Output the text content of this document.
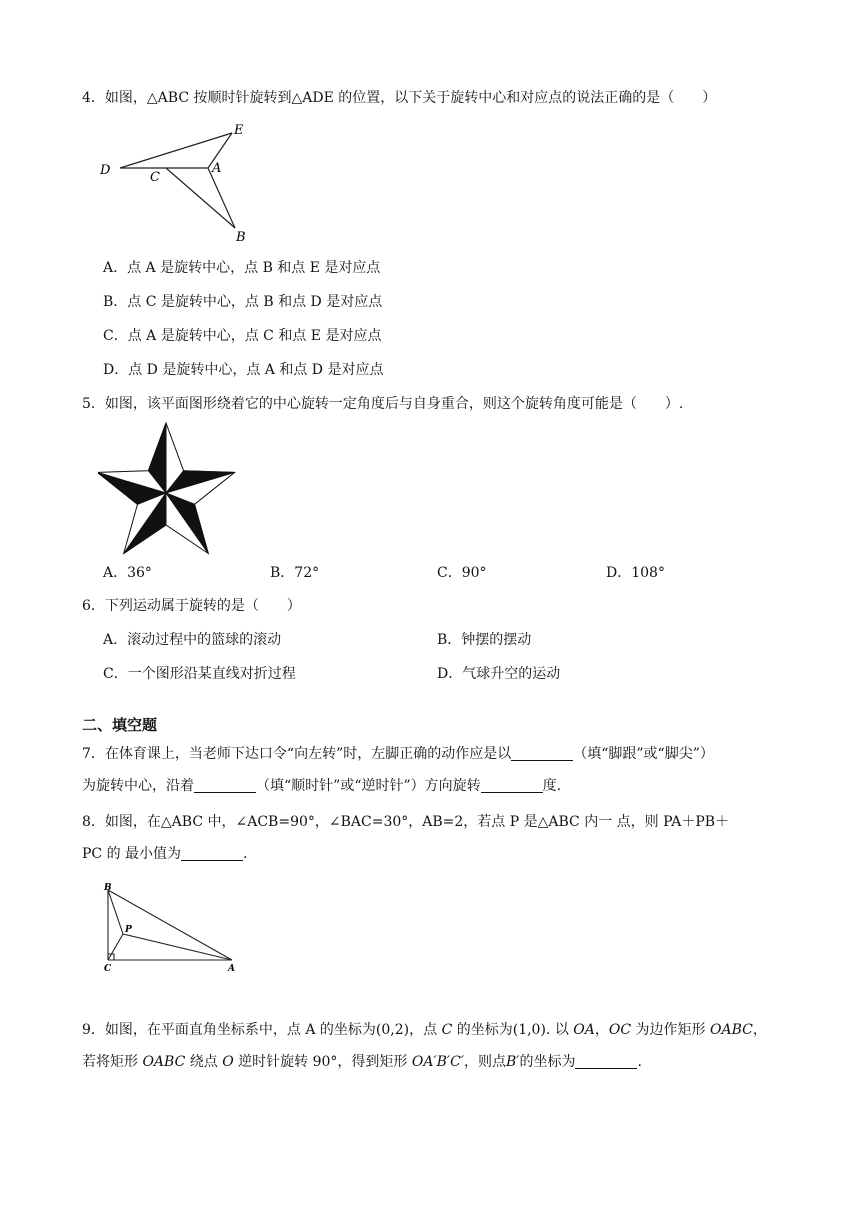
4．如图，△ABC 按顺时针旋转到△ADE 的位置，以下关于旋转中心和对应点的说法正确的是（　　）
D	C
A
E
B
A．点 A 是旋转中心，点 B 和点 E 是对应点
B．点 C 是旋转中心，点 B 和点 D 是对应点
C．点 A 是旋转中心，点 C 和点 E 是对应点
D．点 D 是旋转中心，点 A 和点 D 是对应点
5．如图，该平面图形绕着它的中心旋转一定角度后与自身重合，则这个旋转角度可能是（　　）.
A．36°	B．72°	C．90°	D．108°
6．下列运动属于旋转的是（　　）
A．滚动过程中的篮球的滚动	B．钟摆的摆动
C．一个图形沿某直线对折过程	D．气球升空的运动
二、填空题
7．在体育课上，当老师下达口令“向左转”时，左脚正确的动作应是以	（填“脚跟”或“脚尖”）
为旋转中心，沿着	（填“顺时针”或“逆时针”）方向旋转	度.
8．如图，在△ABC 中，∠ACB=90°，∠BAC=30°，AB=2，若点 P 是△ABC 内一 点，则 PA＋PB＋
PC 的 最小值为	.
B
P
C	A
9．如图，在平面直角坐标系中，点 A 的坐标为(0,2)，点 C 的坐标为(1,0). 以 OA，OC 为边作矩形 OABC，
若将矩形 OABC 绕点 O 逆时针旋转 90°，得到矩形 OA′B′C′，则点B′的坐标为	.
